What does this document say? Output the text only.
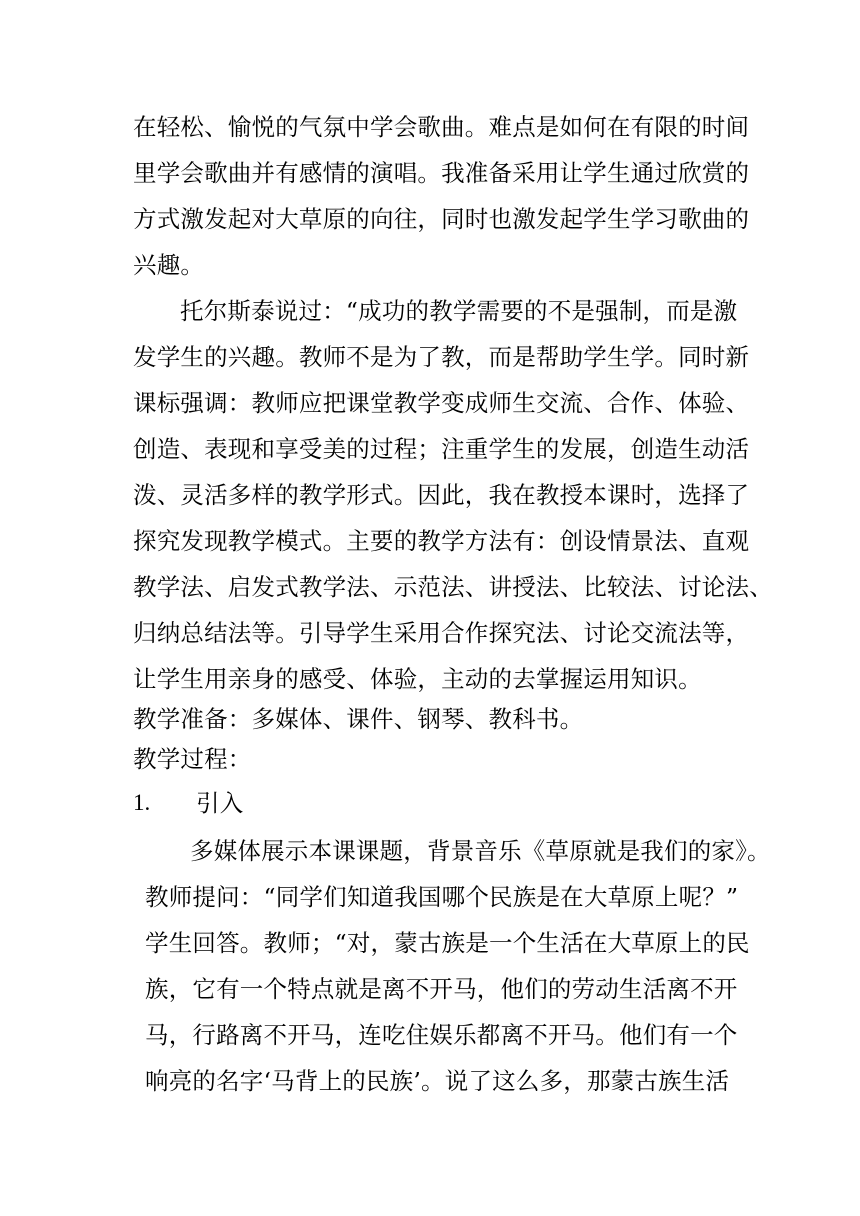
在轻松、愉悦的气氛中学会歌曲。难点是如何在有限的时间
里学会歌曲并有感情的演唱。我准备采用让学生通过欣赏的
方式激发起对大草原的向往，同时也激发起学生学习歌曲的
兴趣。
托尔斯泰说过：“成功的教学需要的不是强制，而是激
发学生的兴趣。教师不是为了教，而是帮助学生学。同时新
课标强调：教师应把课堂教学变成师生交流、合作、体验、
创造、表现和享受美的过程；注重学生的发展，创造生动活
泼、灵活多样的教学形式。因此，我在教授本课时，选择了
探究发现教学模式。主要的教学方法有：创设情景法、直观
教学法、启发式教学法、示范法、讲授法、比较法、讨论法、
归纳总结法等。引导学生采用合作探究法、讨论交流法等，
让学生用亲身的感受、体验，主动的去掌握运用知识。
教学准备：多媒体、课件、钢琴、教科书。
教学过程：
1. 引入
多媒体展示本课课题，背景音乐《草原就是我们的家》。
教师提问：“同学们知道我国哪个民族是在大草原上呢？”
学生回答。教师；“对，蒙古族是一个生活在大草原上的民
族，它有一个特点就是离不开马，他们的劳动生活离不开
马，行路离不开马，连吃住娱乐都离不开马。他们有一个
响亮的名字‘马背上的民族’。说了这么多，那蒙古族生活
